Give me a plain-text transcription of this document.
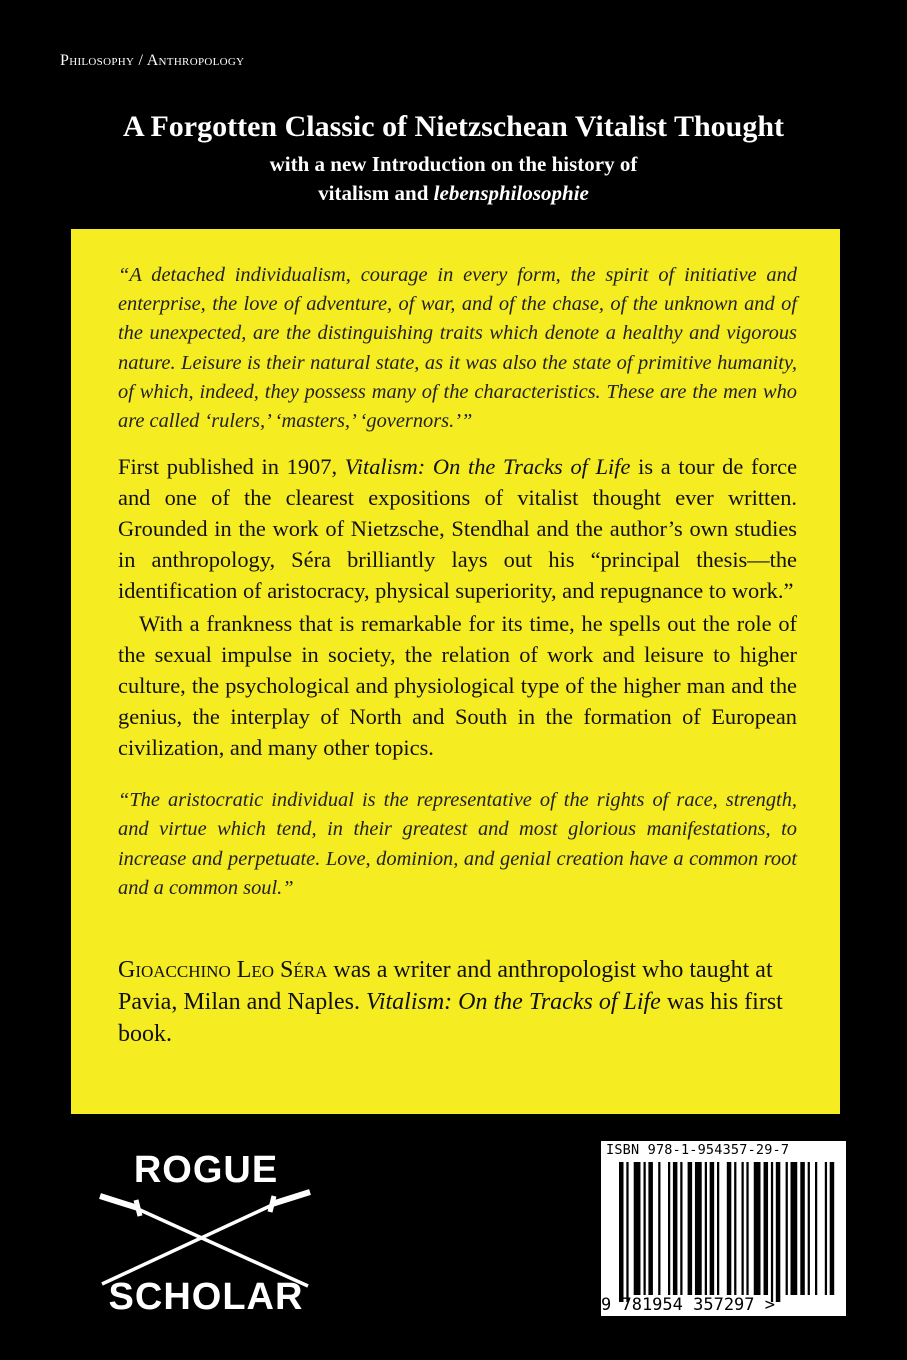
Philosophy / Anthropology
A Forgotten Classic of Nietzschean Vitalist Thought
with a new Introduction on the history of
vitalism and lebensphilosophie
“A detached individualism, courage in every form, the spirit of initiative and enterprise, the love of adventure, of war, and of the chase, of the unknown and of the unexpected, are the distinguishing traits which denote a healthy and vigorous nature. Leisure is their natural state, as it was also the state of primitive humanity, of which, indeed, they possess many of the characteristics. These are the men who are called ‘rulers,’ ‘masters,’ ‘governors.’”
First published in 1907, Vitalism: On the Tracks of Life is a tour de force and one of the clearest expositions of vitalist thought ever written. Grounded in the work of Nietzsche, Stendhal and the author’s own studies in anthropology, Séra brilliantly lays out his “principal thesis—the identification of aristocracy, physical superiority, and repugnance to work.”
With a frankness that is remarkable for its time, he spells out the role of the sexual impulse in society, the relation of work and leisure to higher culture, the psychological and physiological type of the higher man and the genius, the interplay of North and South in the formation of European civilization, and many other topics.
“The aristocratic individual is the representative of the rights of race, strength, and virtue which tend, in their greatest and most glorious manifestations, to increase and perpetuate. Love, dominion, and genial creation have a common root and a common soul.”
Gioacchino Leo Séra was a writer and anthropologist who taught at Pavia, Milan and Naples. Vitalism: On the Tracks of Life was his first book.
ROGUE
SCHOLAR
ISBN 978-1-954357-29-7
9 781954 357297 >
